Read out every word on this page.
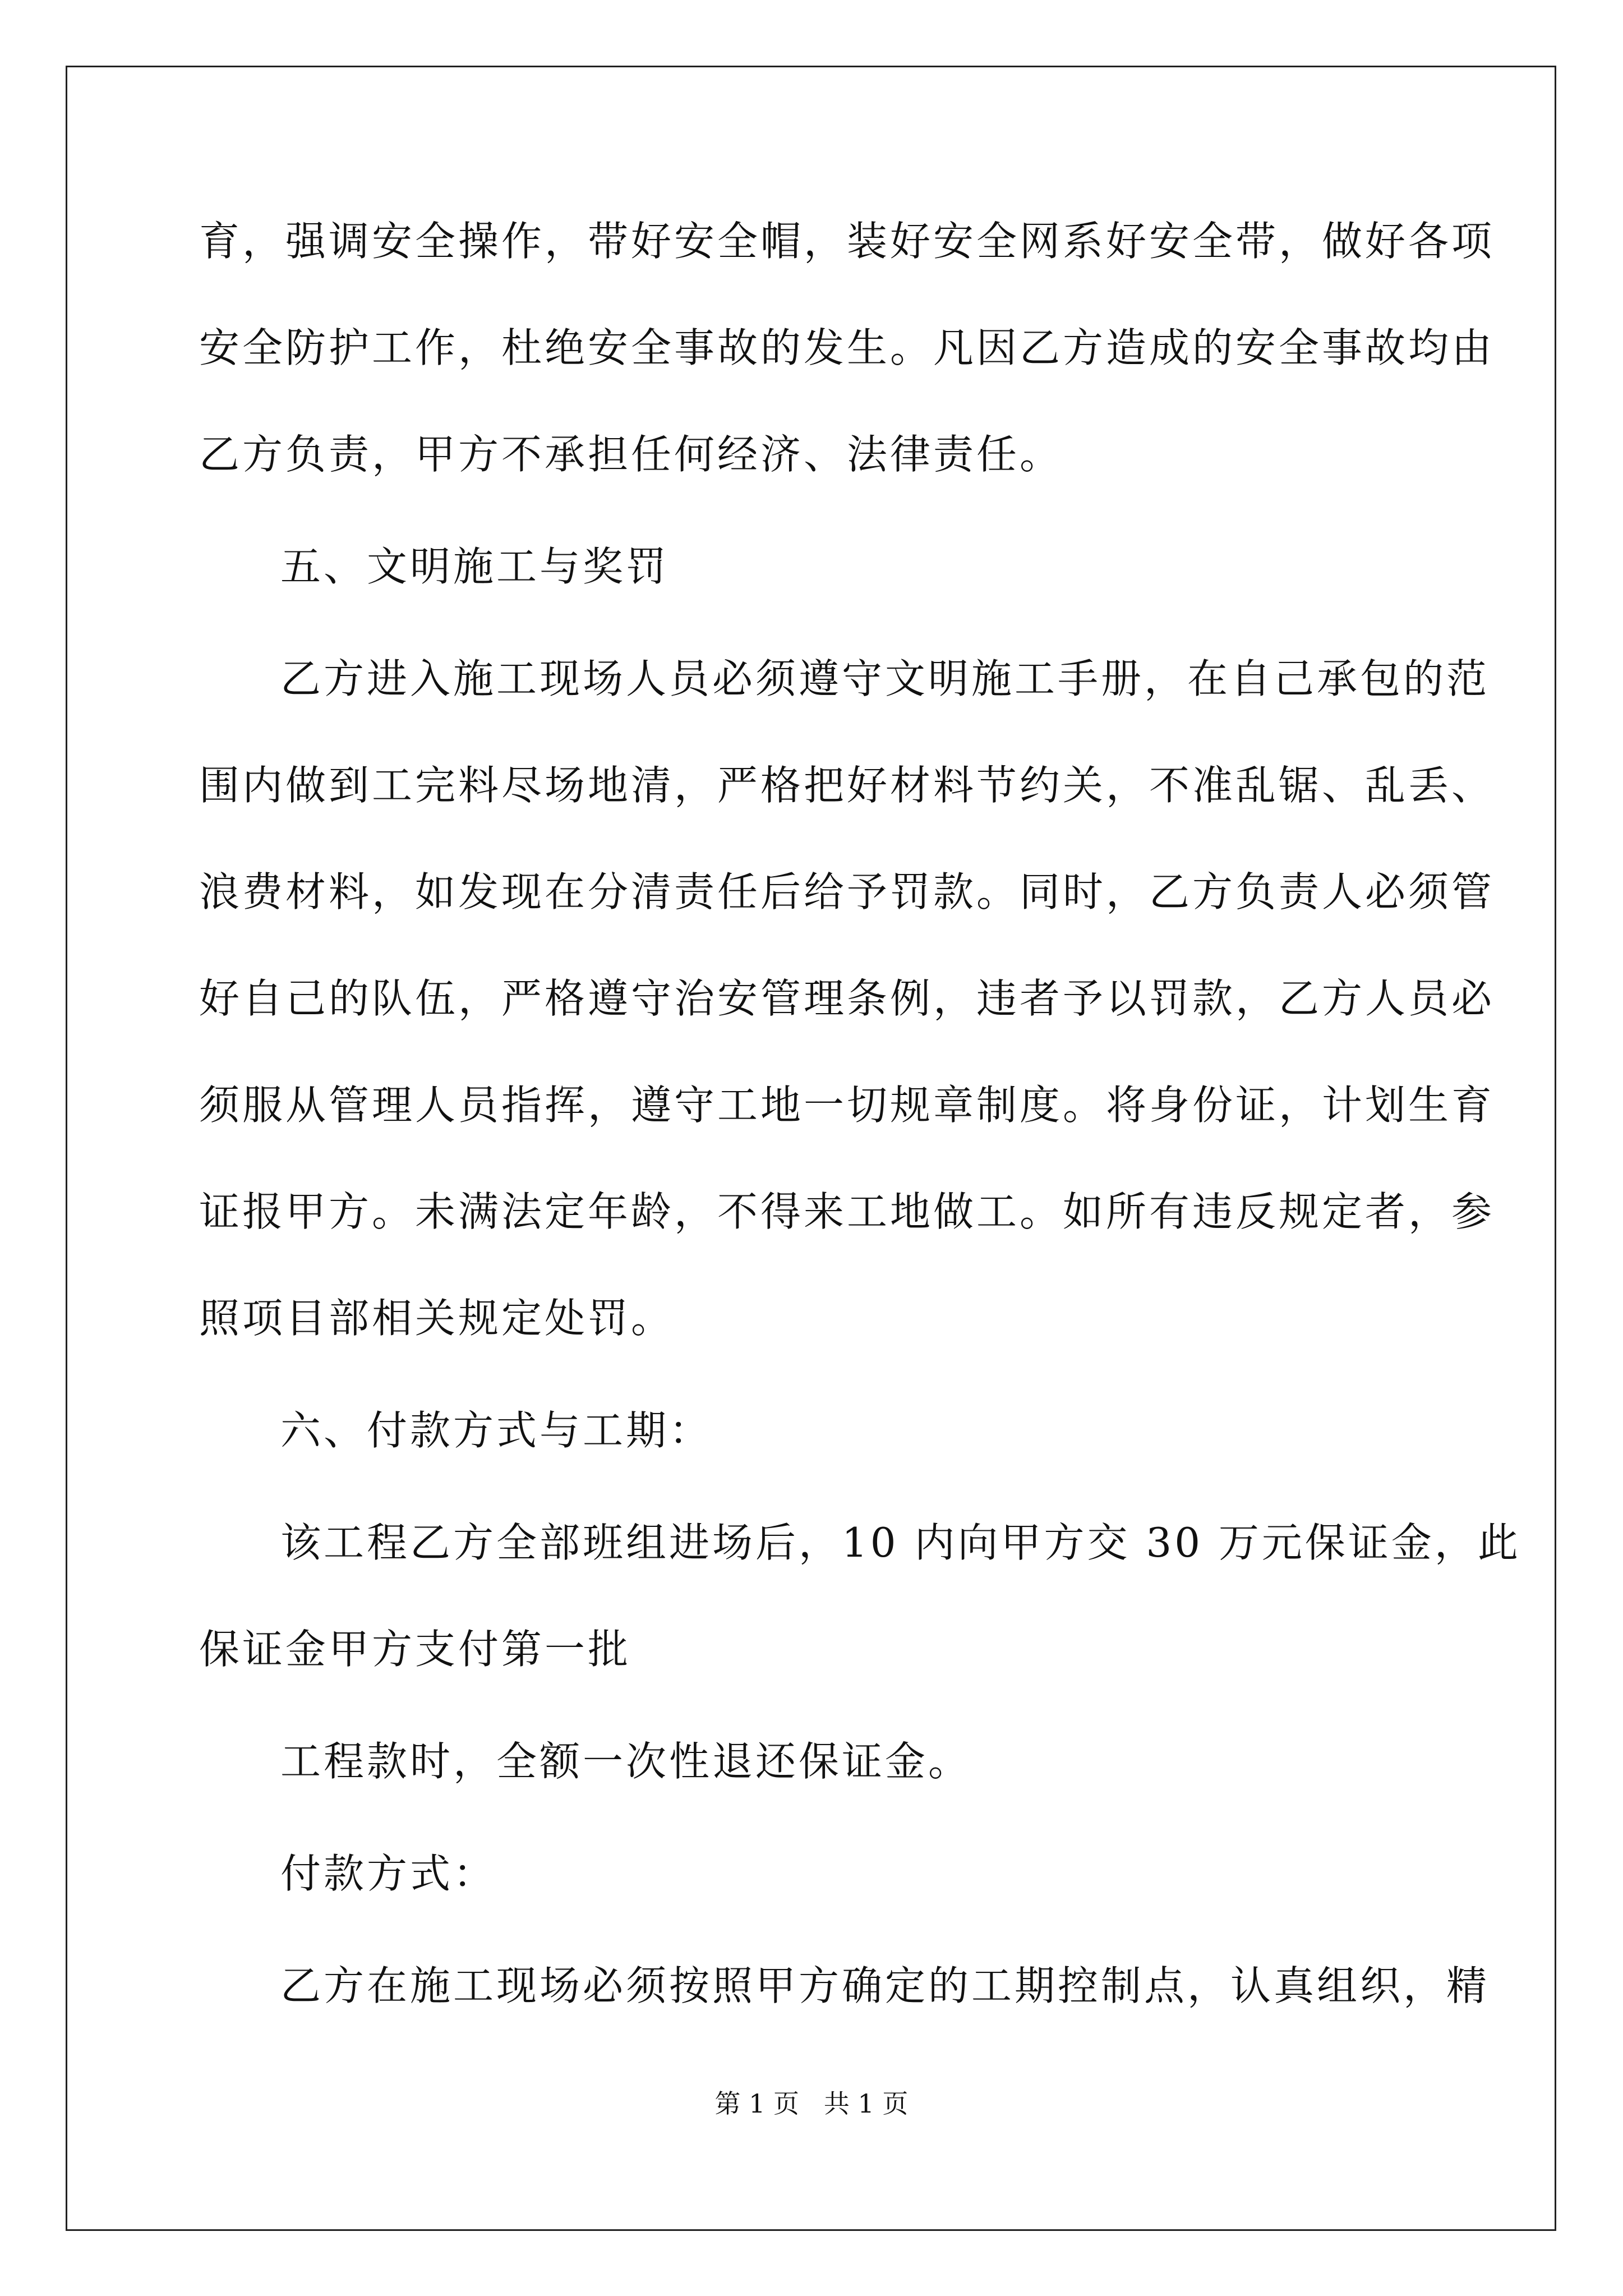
育，强调安全操作，带好安全帽，装好安全网系好安全带，做好各项
安全防护工作，杜绝安全事故的发生。凡因乙方造成的安全事故均由
乙方负责，甲方不承担任何经济、法律责任。
五、文明施工与奖罚
乙方进入施工现场人员必须遵守文明施工手册，在自己承包的范
围内做到工完料尽场地清，严格把好材料节约关，不准乱锯、乱丢、
浪费材料，如发现在分清责任后给予罚款。同时，乙方负责人必须管
好自己的队伍，严格遵守治安管理条例，违者予以罚款，乙方人员必
须服从管理人员指挥，遵守工地一切规章制度。将身份证，计划生育
证报甲方。未满法定年龄，不得来工地做工。如所有违反规定者，参
照项目部相关规定处罚。
六、付款方式与工期：
该工程乙方全部班组进场后，10 内向甲方交 30 万元保证金，此
保证金甲方支付第一批
工程款时，全额一次性退还保证金。
付款方式：
乙方在施工现场必须按照甲方确定的工期控制点，认真组织，精
第 1 页   共 1 页
